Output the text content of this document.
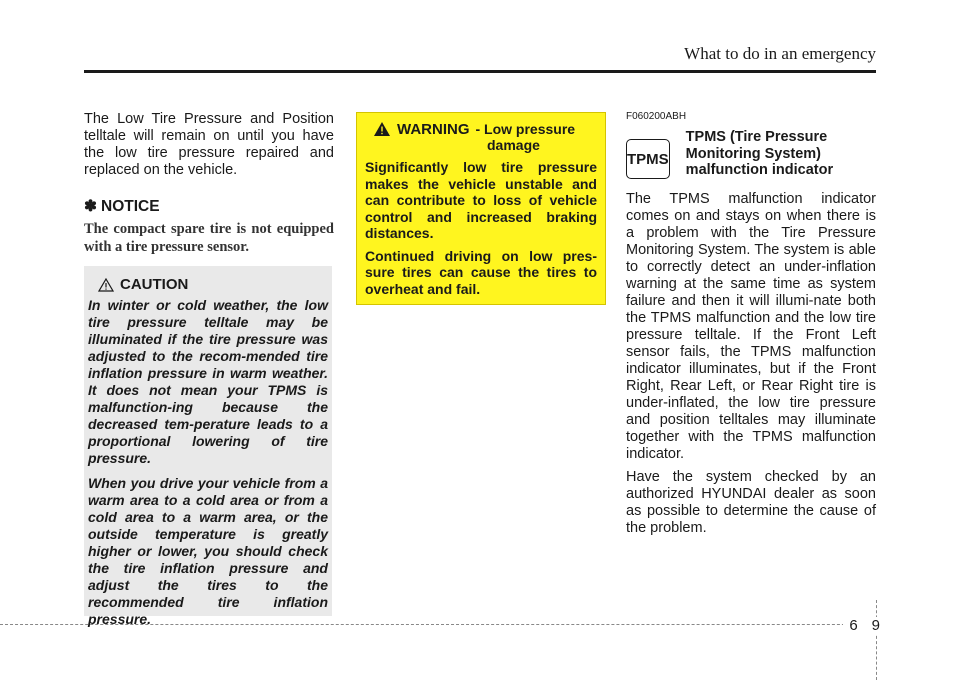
What to do in an emergency

The Low Tire Pressure and Position telltale will remain on until you have the low tire pressure repaired and replaced on the vehicle.

✽ NOTICE
The compact spare tire is not equipped with a tire pressure sensor.
CAUTION

In winter or cold weather, the low tire pressure telltale may be illuminated if the tire pressure was adjusted to the recom-mended tire inflation pressure in warm weather. It does not mean your TPMS is malfunction-ing because the decreased tem-perature leads to a proportional lowering of tire pressure.

When you drive your vehicle from a warm area to a cold area or from a cold area to a warm area, or the outside temperature is greatly higher or lower, you should check the tire inflation pressure and adjust the tires to the recommended tire inflation pressure.

WARNING - Low pressure
damage

Significantly low tire pressure makes the vehicle unstable and can contribute to loss of vehicle control and increased braking distances.

Continued driving on low pres-sure tires can cause the tires to overheat and fail.

F060200ABH
TPMS
TPMS (Tire Pressure Monitoring System) malfunction indicator

The TPMS malfunction indicator comes on and stays on when there is a problem with the Tire Pressure Monitoring System. The system is able to correctly detect an under-inflation warning at the same time as system failure and then it will illumi-nate both the TPMS malfunction and the low tire pressure telltale. If the Front Left sensor fails, the TPMS malfunction indicator illuminates, but if the Front Right, Rear Left, or Rear Right tire is under-inflated, the low tire pressure and position telltales may illuminate together with the TPMS malfunction indicator.

Have the system checked by an authorized HYUNDAI dealer as soon as possible to determine the cause of the problem.

6 9
